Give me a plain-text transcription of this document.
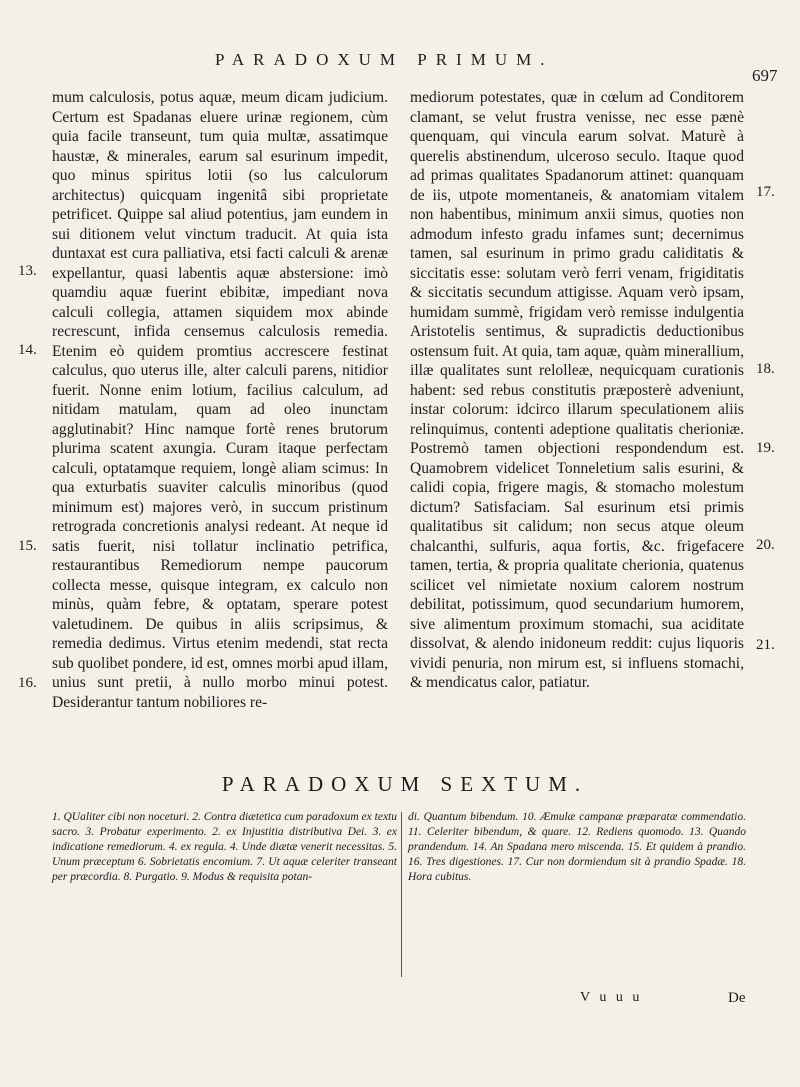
PARADOXUM PRIMUM.
697

mum calculosis, potus aquæ, meum dicam judicium. Certum est Spadanas eluere urinæ regionem, cùm quia facile transeunt, tum quia multæ, assatimque haustæ, & minerales, earum sal esurinum impedit, quo minus spiritus lotii (so lus calculorum architectus) quicquam ingenitâ sibi proprietate petrificet. Quippe sal aliud potentius, jam eundem in sui ditionem velut vinctum traducit. At quia ista duntaxat est cura palliativa, etsi facti calculi & arenæ expellantur, quasi labentis aquæ abstersione: imò quamdiu aquæ fuerint ebibitæ, impediant nova calculi collegia, attamen siquidem mox abinde recrescunt, infida censemus calculosis remedia. Etenim eò quidem promtius accrescere festinat calculus, quo uterus ille, alter calculi parens, nitidior fuerit. Nonne enim lotium, facilius calculum, ad nitidam matulam, quam ad oleo inunctam agglutinabit? Hinc namque fortè renes brutorum plurima scatent axungia. Curam itaque perfectam calculi, optatamque requiem, longè aliam scimus: In qua exturbatis suaviter calculis minoribus (quod minimum est) majores verò, in succum pristinum retrograda concretionis analysi redeant. At neque id satis fuerit, nisi tollatur inclinatio petrifica, restaurantibus Remediorum nempe paucorum collecta messe, quisque integram, ex calculo non minùs, quàm febre, & optatam, sperare potest valetudinem. De quibus in aliis scripsimus, & remedia dedimus. Virtus etenim medendi, stat recta sub quolibet pondere, id est, omnes morbi apud illam, unius sunt pretii, à nullo morbo minui potest. Desiderantur tantum nobiliores re-

mediorum potestates, quæ in cœlum ad Conditorem clamant, se velut frustra venisse, nec esse pænè quenquam, qui vincula earum solvat. Maturè à querelis abstinendum, ulceroso seculo. Itaque quod ad primas qualitates Spadanorum attinet: quanquam de iis, utpote momentaneis, & anatomiam vitalem non habentibus, minimum anxii simus, quoties non admodum infesto gradu infames sunt; decernimus tamen, sal esurinum in primo gradu caliditatis & siccitatis esse: solutam verò ferri venam, frigiditatis & siccitatis secundum attigisse. Aquam verò ipsam, humidam summè, frigidam verò remisse indulgentia Aristotelis sentimus, & supradictis deductionibus ostensum fuit. At quia, tam aquæ, quàm minerallium, illæ qualitates sunt relolleæ, nequicquam curationis habent: sed rebus constitutis præposterè adveniunt, instar colorum: idcirco illarum speculationem aliis relinquimus, contenti adeptione qualitatis cherioniæ. Postremò tamen objectioni respondendum est. Quamobrem videlicet Tonneletium salis esurini, & calidi copia, frigere magis, & stomacho molestum dictum? Satisfaciam. Sal esurinum etsi primis qualitatibus sit calidum; non secus atque oleum chalcanthi, sulfuris, aqua fortis, &c. frigefacere tamen, tertia, & propria qualitate cherionia, quatenus scilicet vel nimietate noxium calorem nostrum debilitat, potissimum, quod secundarium humorem, sive alimentum proximum stomachi, sua aciditate dissolvat, & alendo inidoneum reddit: cujus liquoris vividi penuria, non mirum est, si influens stomachi, & mendicatus calor, patiatur.

13.
14.
15.
16.
17.
18.
19.
20.
21.
PARADOXUM SEXTUM.

1. QUaliter cibi non noceturi. 2. Contra diætetica cum paradoxum ex textu sacro. 3. Probatur experimento. 2. ex Injustitia distributiva Dei. 3. ex indicatione remediorum. 4. ex regula. 4. Unde diætæ venerit necessitas. 5. Unum præceptum 6. Sobrietatis encomium. 7. Ut aquæ celeriter transeant per præcordia. 8. Purgatio. 9. Modus & requisita potan-

di. Quantum bibendum. 10. Æmulæ campanæ præparatæ commendatio. 11. Celeriter bibendum, & quare. 12. Rediens quomodo. 13. Quando prandendum. 14. An Spadana mero miscenda. 15. Et quidem à prandio. 16. Tres digestiones. 17. Cur non dormiendum sit à prandio Spadæ. 18. Hora cubitus.

V u u u	De
